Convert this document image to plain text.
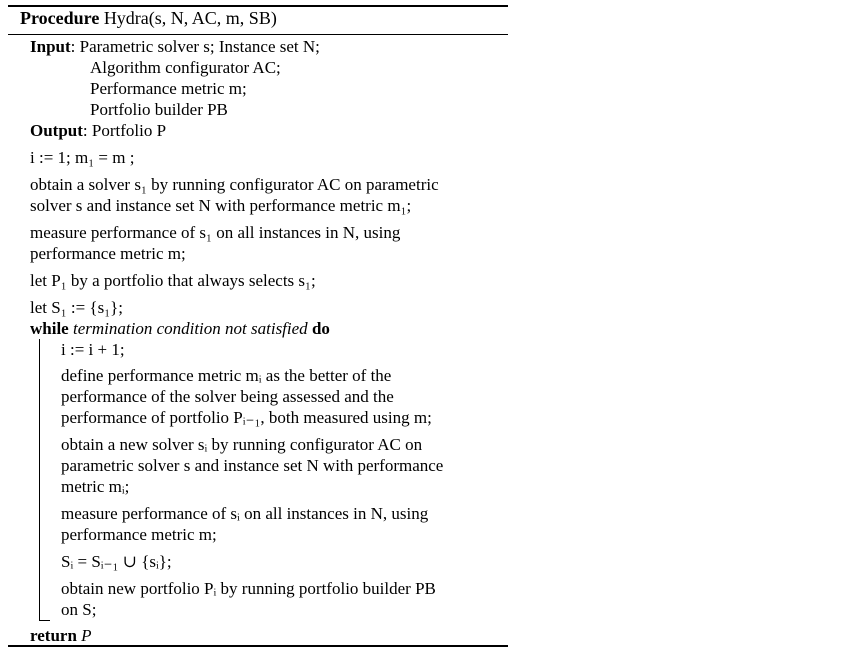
Procedure Hydra(s, N, AC, m, SB)
Input: Parametric solver s; Instance set N;
Algorithm configurator AC;
Performance metric m;
Portfolio builder PB
Output: Portfolio P
i := 1; m₁ = m ;
obtain a solver s₁ by running configurator AC on parametric
solver s and instance set N with performance metric m₁;
measure performance of s₁ on all instances in N, using
performance metric m;
let P₁ by a portfolio that always selects s₁;
let S₁ := {s₁};
while termination condition not satisfied do
i := i + 1;
define performance metric mᵢ as the better of the
performance of the solver being assessed and the
performance of portfolio Pᵢ₋₁, both measured using m;
obtain a new solver sᵢ by running configurator AC on
parametric solver s and instance set N with performance
metric mᵢ;
measure performance of sᵢ on all instances in N, using
performance metric m;
Sᵢ = Sᵢ₋₁ ∪ {sᵢ};
obtain new portfolio Pᵢ by running portfolio builder PB
on S;
return P
